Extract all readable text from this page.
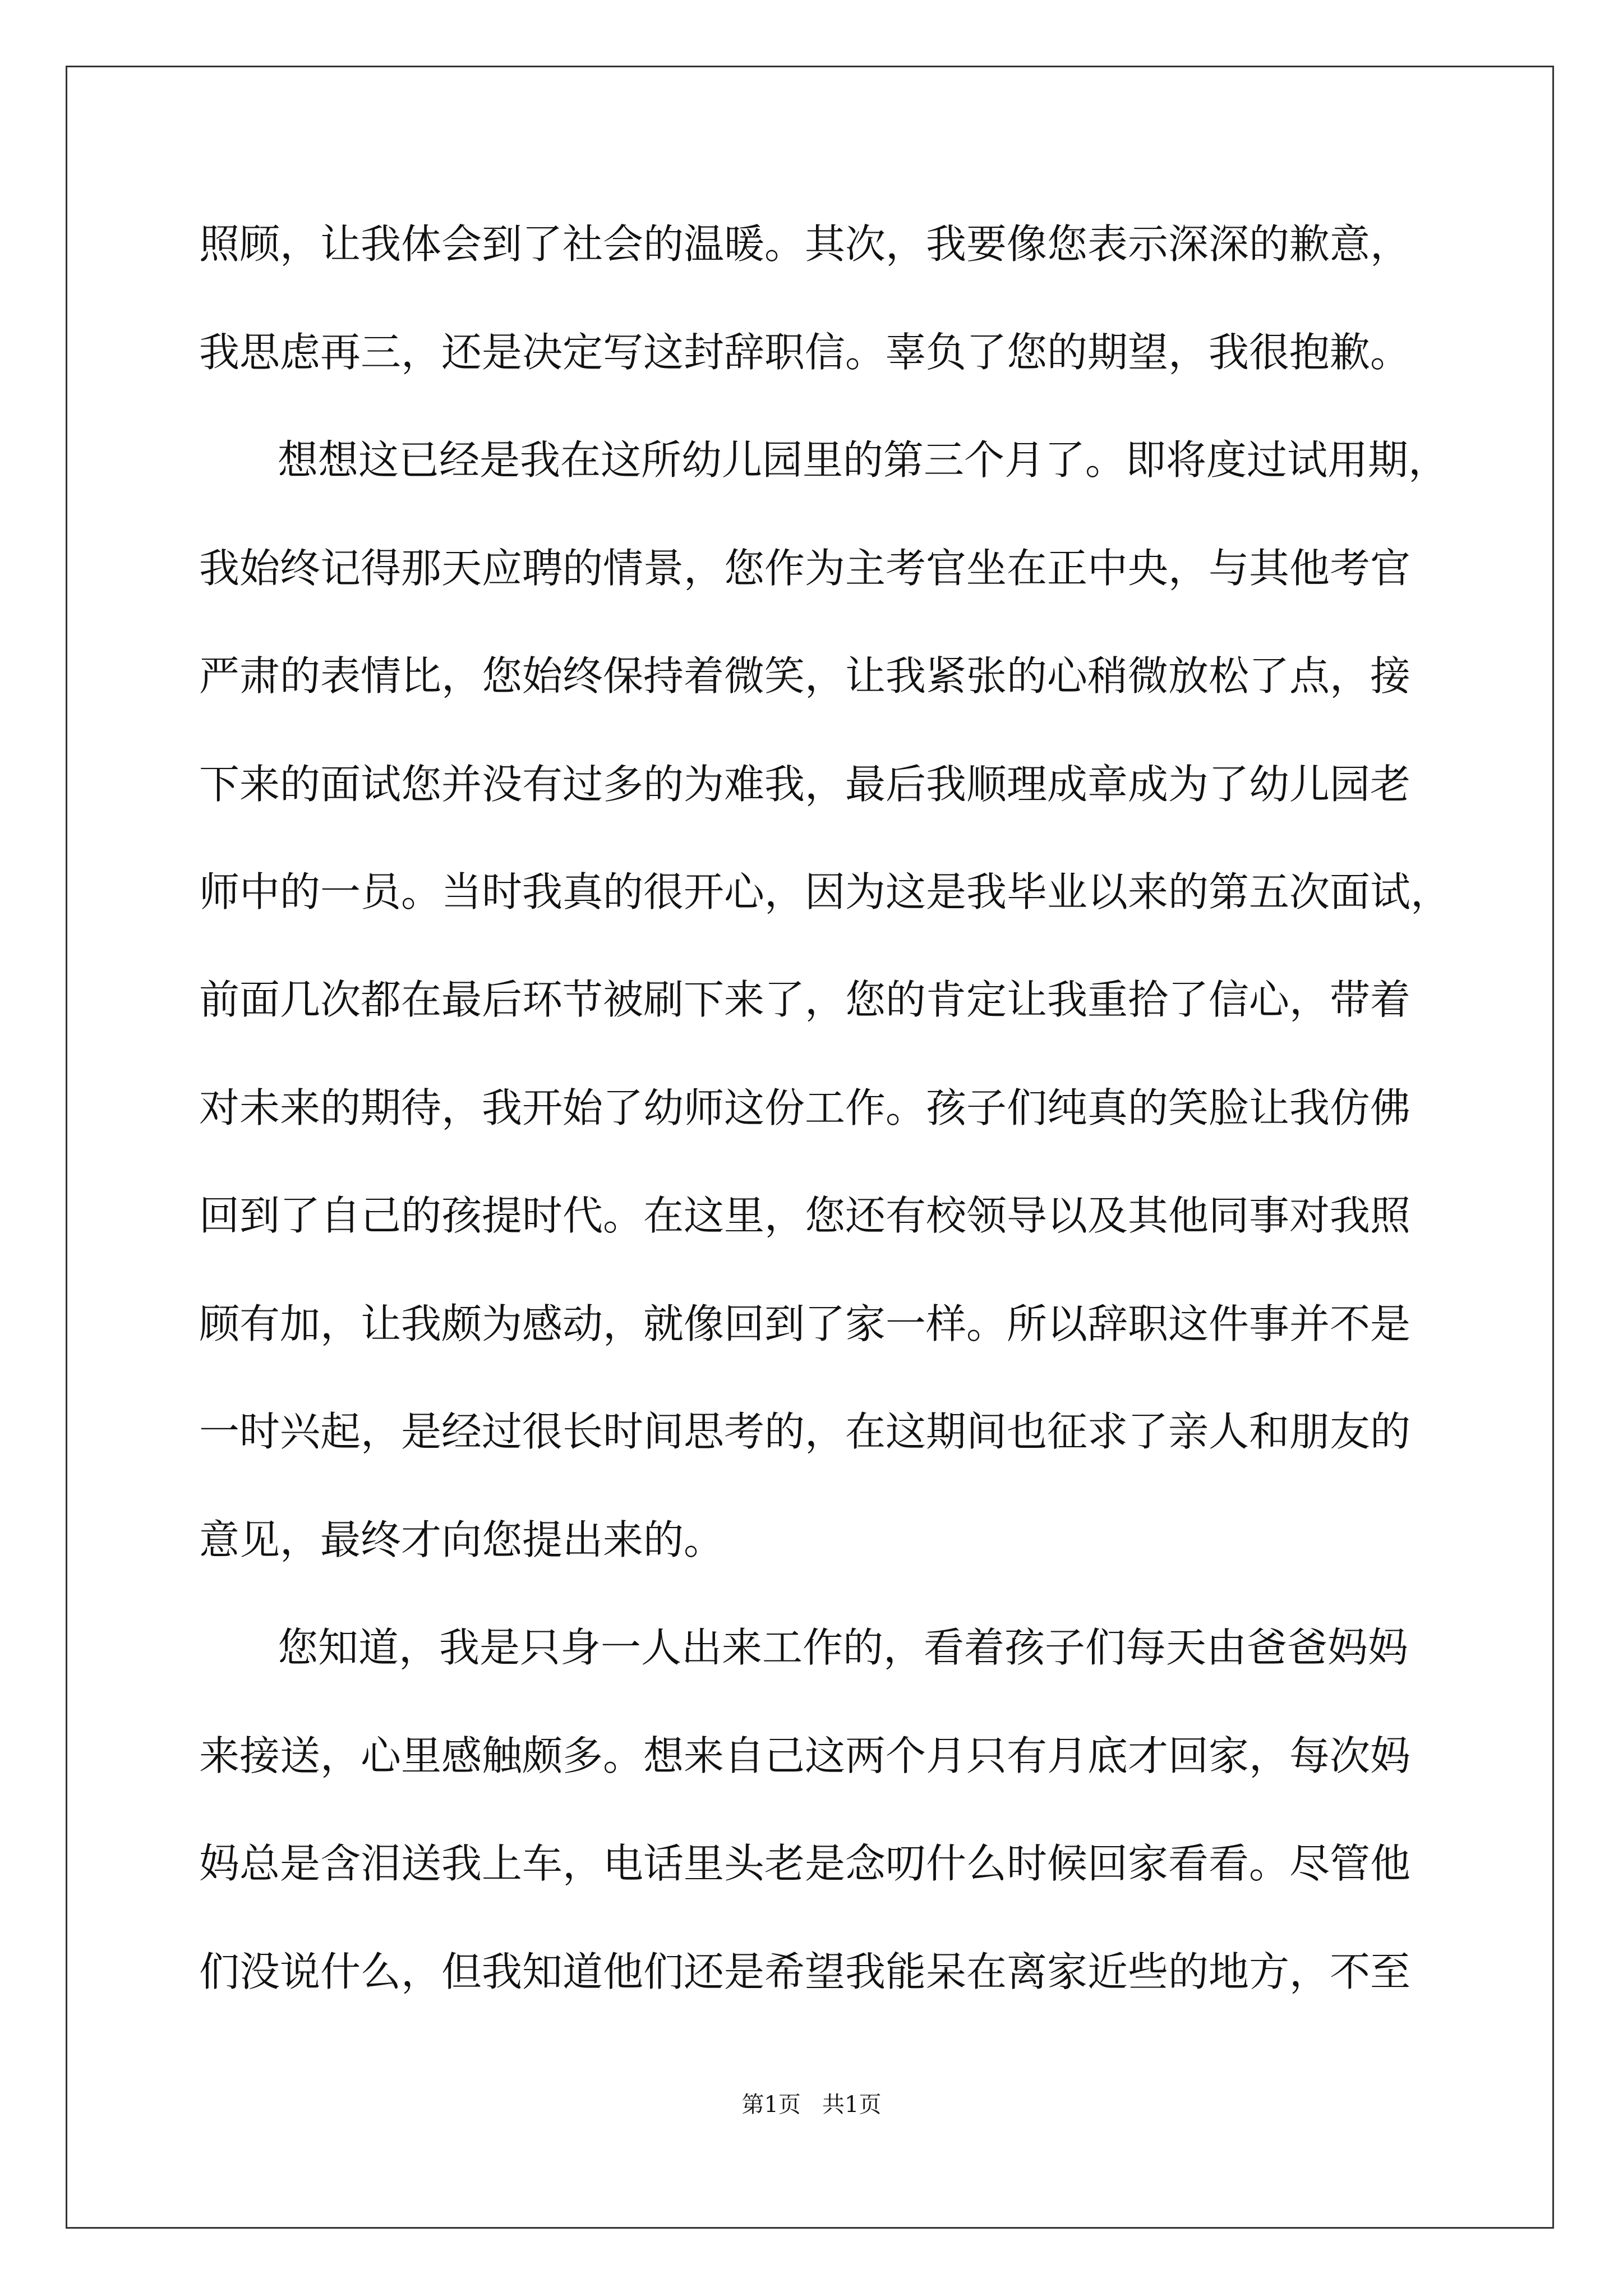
照顾，让我体会到了社会的温暖。其次，我要像您表示深深的歉意，
我思虑再三，还是决定写这封辞职信。辜负了您的期望，我很抱歉。
想想这已经是我在这所幼儿园里的第三个月了。即将度过试用期，
我始终记得那天应聘的情景，您作为主考官坐在正中央，与其他考官
严肃的表情比，您始终保持着微笑，让我紧张的心稍微放松了点，接
下来的面试您并没有过多的为难我，最后我顺理成章成为了幼儿园老
师中的一员。当时我真的很开心，因为这是我毕业以来的第五次面试，
前面几次都在最后环节被刷下来了，您的肯定让我重拾了信心，带着
对未来的期待，我开始了幼师这份工作。孩子们纯真的笑脸让我仿佛
回到了自己的孩提时代。在这里，您还有校领导以及其他同事对我照
顾有加，让我颇为感动，就像回到了家一样。所以辞职这件事并不是
一时兴起，是经过很长时间思考的，在这期间也征求了亲人和朋友的
意见，最终才向您提出来的。
您知道，我是只身一人出来工作的，看着孩子们每天由爸爸妈妈
来接送，心里感触颇多。想来自己这两个月只有月底才回家，每次妈
妈总是含泪送我上车，电话里头老是念叨什么时候回家看看。尽管他
们没说什么，但我知道他们还是希望我能呆在离家近些的地方，不至
第1页   共1页
